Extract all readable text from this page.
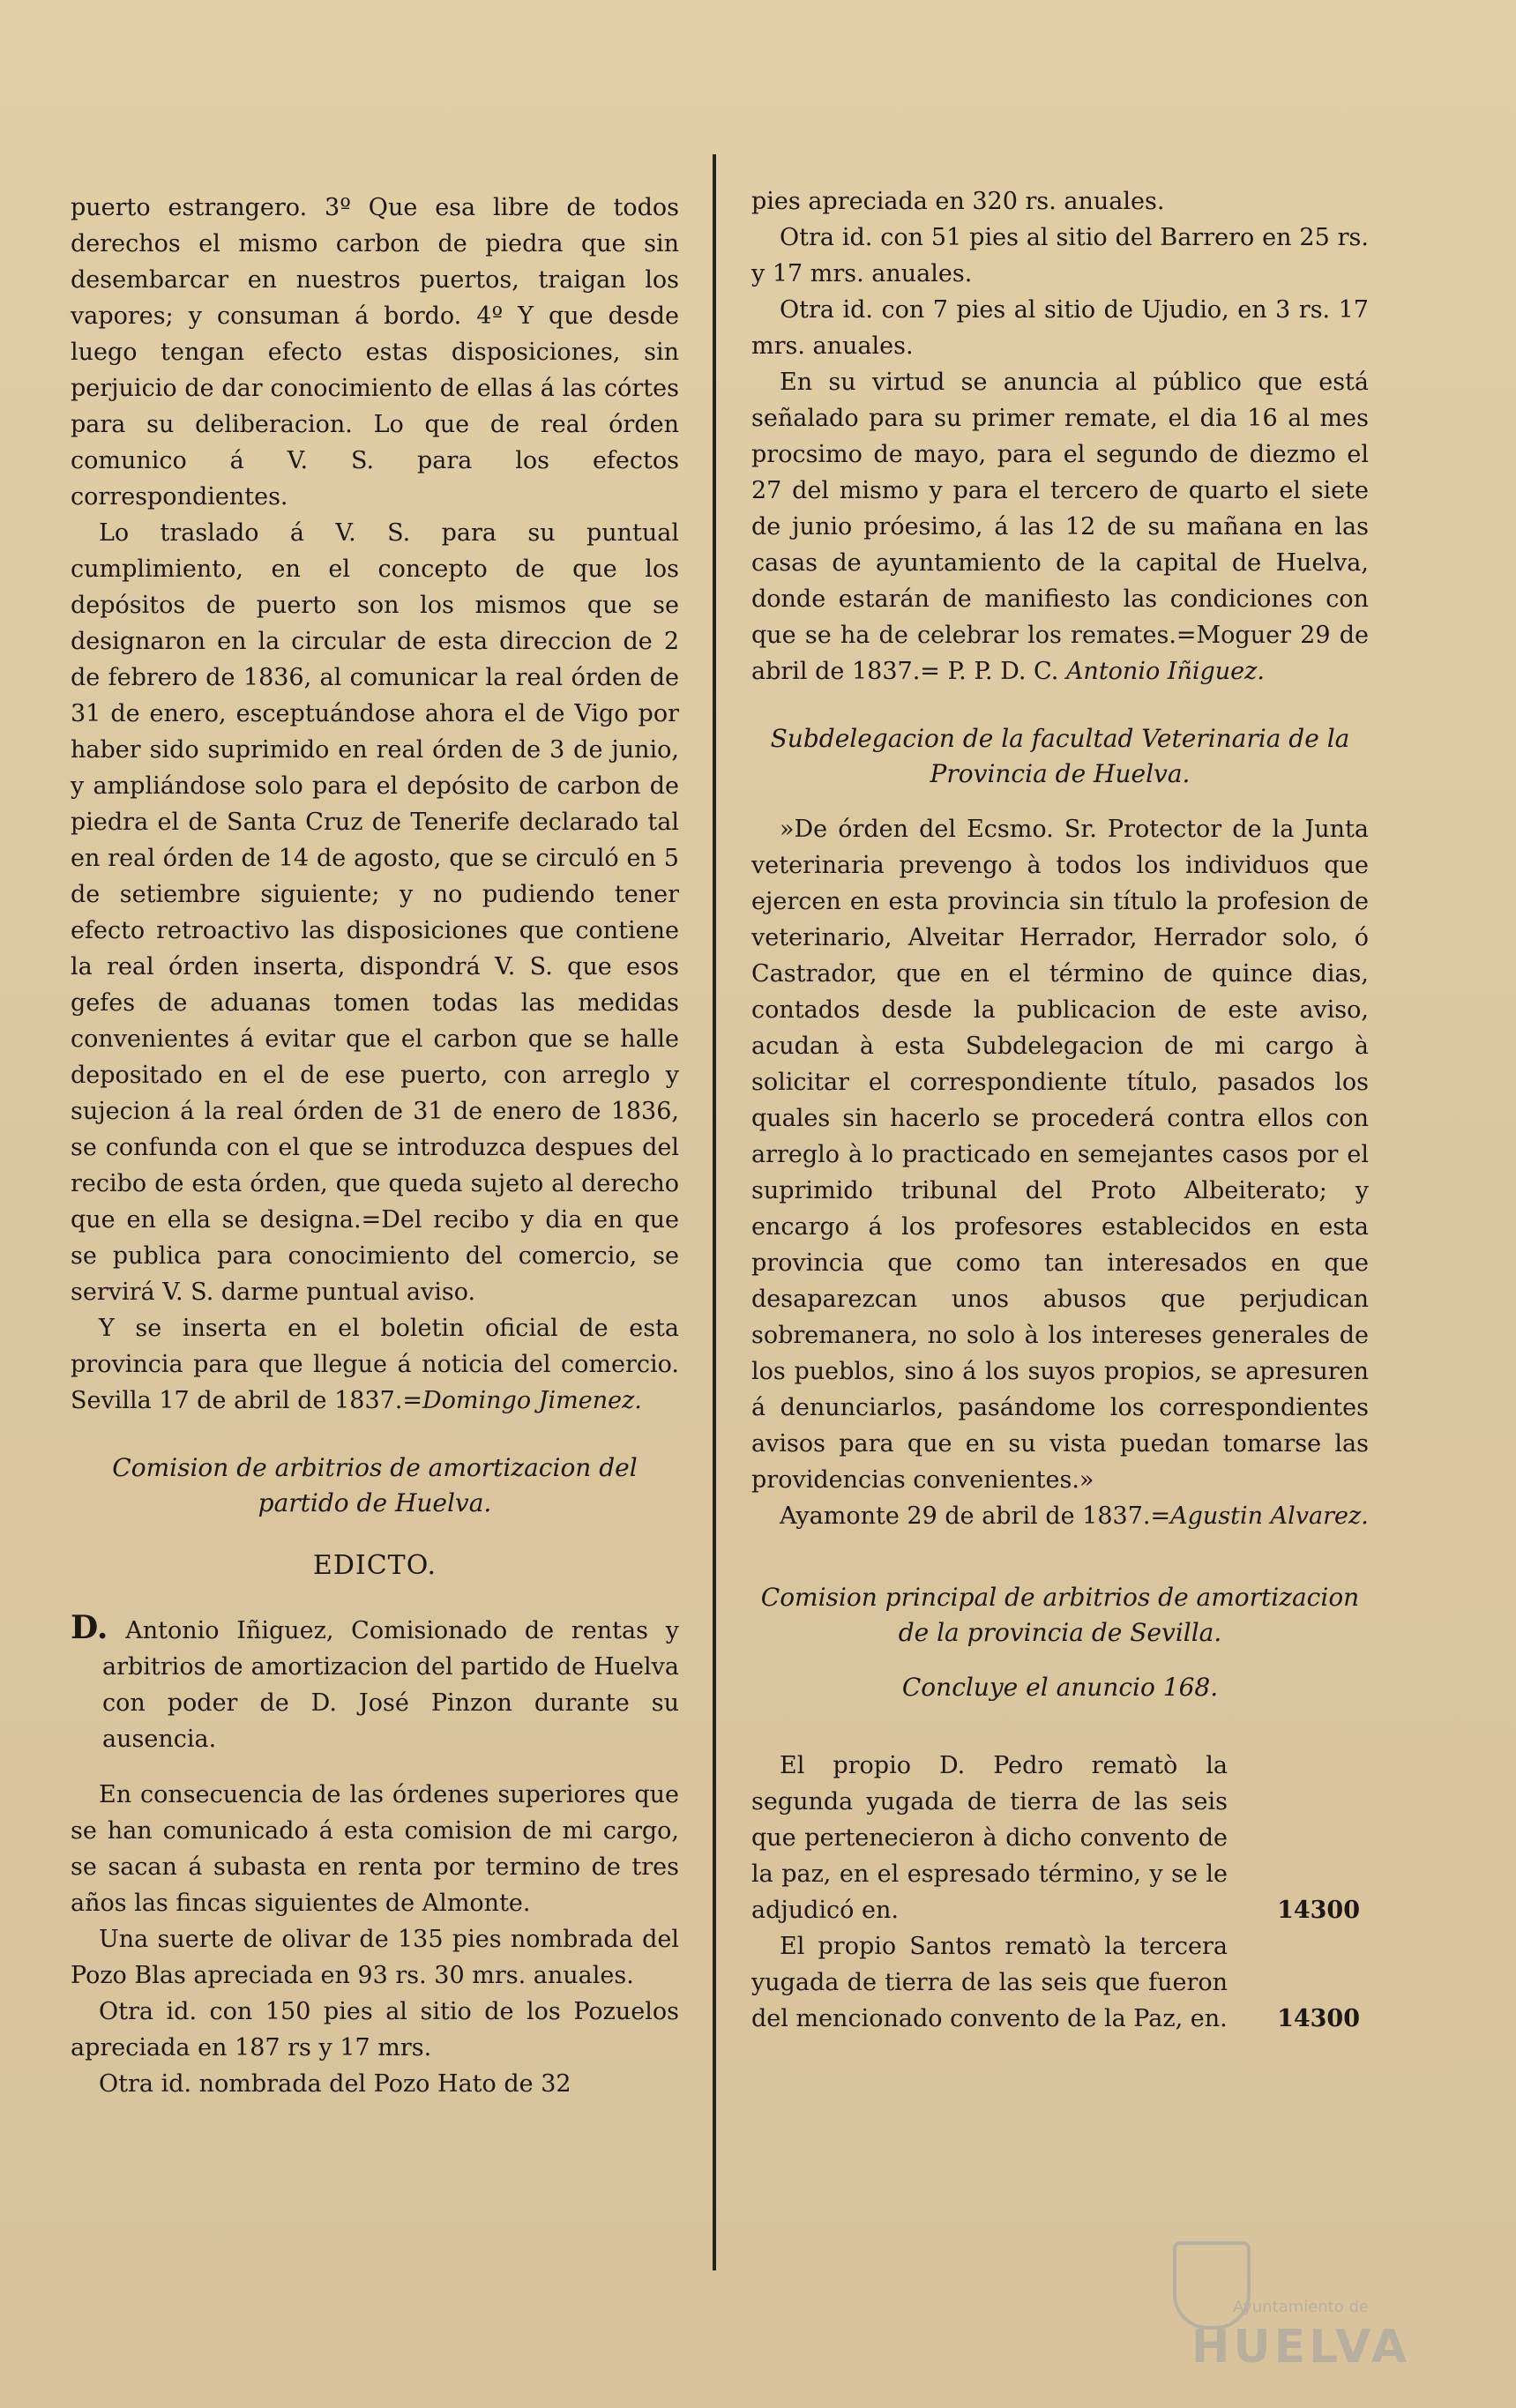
puerto estrangero. 3º Que esa libre de todos derechos el mismo carbon de piedra que sin desembarcar en nuestros puertos, traigan los vapores; y consuman á bordo. 4º Y que desde luego tengan efecto estas disposiciones, sin perjuicio de dar conocimiento de ellas á las córtes para su deliberacion. Lo que de real órden comunico á V. S. para los efectos correspondientes.

Lo traslado á V. S. para su puntual cumplimiento, en el concepto de que los depósitos de puerto son los mismos que se designaron en la circular de esta direccion de 2 de febrero de 1836, al comunicar la real órden de 31 de enero, esceptuándose ahora el de Vigo por haber sido suprimido en real órden de 3 de junio, y ampliándose solo para el depósito de carbon de piedra el de Santa Cruz de Tenerife declarado tal en real órden de 14 de agosto, que se circuló en 5 de setiembre siguiente; y no pudiendo tener efecto retroactivo las disposiciones que contiene la real órden inserta, dispondrá V. S. que esos gefes de aduanas tomen todas las medidas convenientes á evitar que el carbon que se halle depositado en el de ese puerto, con arreglo y sujecion á la real órden de 31 de enero de 1836, se confunda con el que se introduzca despues del recibo de esta órden, que queda sujeto al derecho que en ella se designa.=Del recibo y dia en que se publica para conocimiento del comercio, se servirá V. S. darme puntual aviso.

Y se inserta en el boletin oficial de esta provincia para que llegue á noticia del comercio. Sevilla 17 de abril de 1837.=Domingo Jimenez.

Comision de arbitrios de amortizacion del partido de Huelva.

EDICTO.

D. Antonio Iñiguez, Comisionado de rentas y arbitrios de amortizacion del partido de Huelva con poder de D. José Pinzon durante su ausencia.

En consecuencia de las órdenes superiores que se han comunicado á esta comision de mi cargo, se sacan á subasta en renta por termino de tres años las fincas siguientes de Almonte.

Una suerte de olivar de 135 pies nombrada del Pozo Blas apreciada en 93 rs. 30 mrs. anuales.

Otra id. con 150 pies al sitio de los Pozuelos apreciada en 187 rs y 17 mrs.

Otra id. nombrada del Pozo Hato de 32

pies apreciada en 320 rs. anuales.

Otra id. con 51 pies al sitio del Barrero en 25 rs. y 17 mrs. anuales.

Otra id. con 7 pies al sitio de Ujudio, en 3 rs. 17 mrs. anuales.

En su virtud se anuncia al público que está señalado para su primer remate, el dia 16 al mes procsimo de mayo, para el segundo de diezmo el 27 del mismo y para el tercero de quarto el siete de junio próesimo, á las 12 de su mañana en las casas de ayuntamiento de la capital de Huelva, donde estarán de manifiesto las condiciones con que se ha de celebrar los remates.=Moguer 29 de abril de 1837.= P. P. D. C. Antonio Iñiguez.

Subdelegacion de la facultad Veterinaria de la Provincia de Huelva.

»De órden del Ecsmo. Sr. Protector de la Junta veterinaria prevengo à todos los individuos que ejercen en esta provincia sin título la profesion de veterinario, Alveitar Herrador, Herrador solo, ó Castrador, que en el término de quince dias, contados desde la publicacion de este aviso, acudan à esta Subdelegacion de mi cargo à solicitar el correspondiente título, pasados los quales sin hacerlo se procederá contra ellos con arreglo à lo practicado en semejantes casos por el suprimido tribunal del Proto Albeiterato; y encargo á los profesores establecidos en esta provincia que como tan interesados en que desaparezcan unos abusos que perjudican sobremanera, no solo à los intereses generales de los pueblos, sino á los suyos propios, se apresuren á denunciarlos, pasándome los correspondientes avisos para que en su vista puedan tomarse las providencias convenientes.»

Ayamonte 29 de abril de 1837.=Agustin Alvarez.

Comision principal de arbitrios de amortizacion de la provincia de Sevilla.

Concluye el anuncio 168.

El propio D. Pedro rematò la segunda yugada de tierra de las seis que pertenecieron à dicho convento de la paz, en el espresado término, y se le adjudicó en.	14300

El propio Santos rematò la tercera yugada de tierra de las seis que fueron del mencionado convento de la Paz, en. 14300
Ayuntamiento de
HUELVA
